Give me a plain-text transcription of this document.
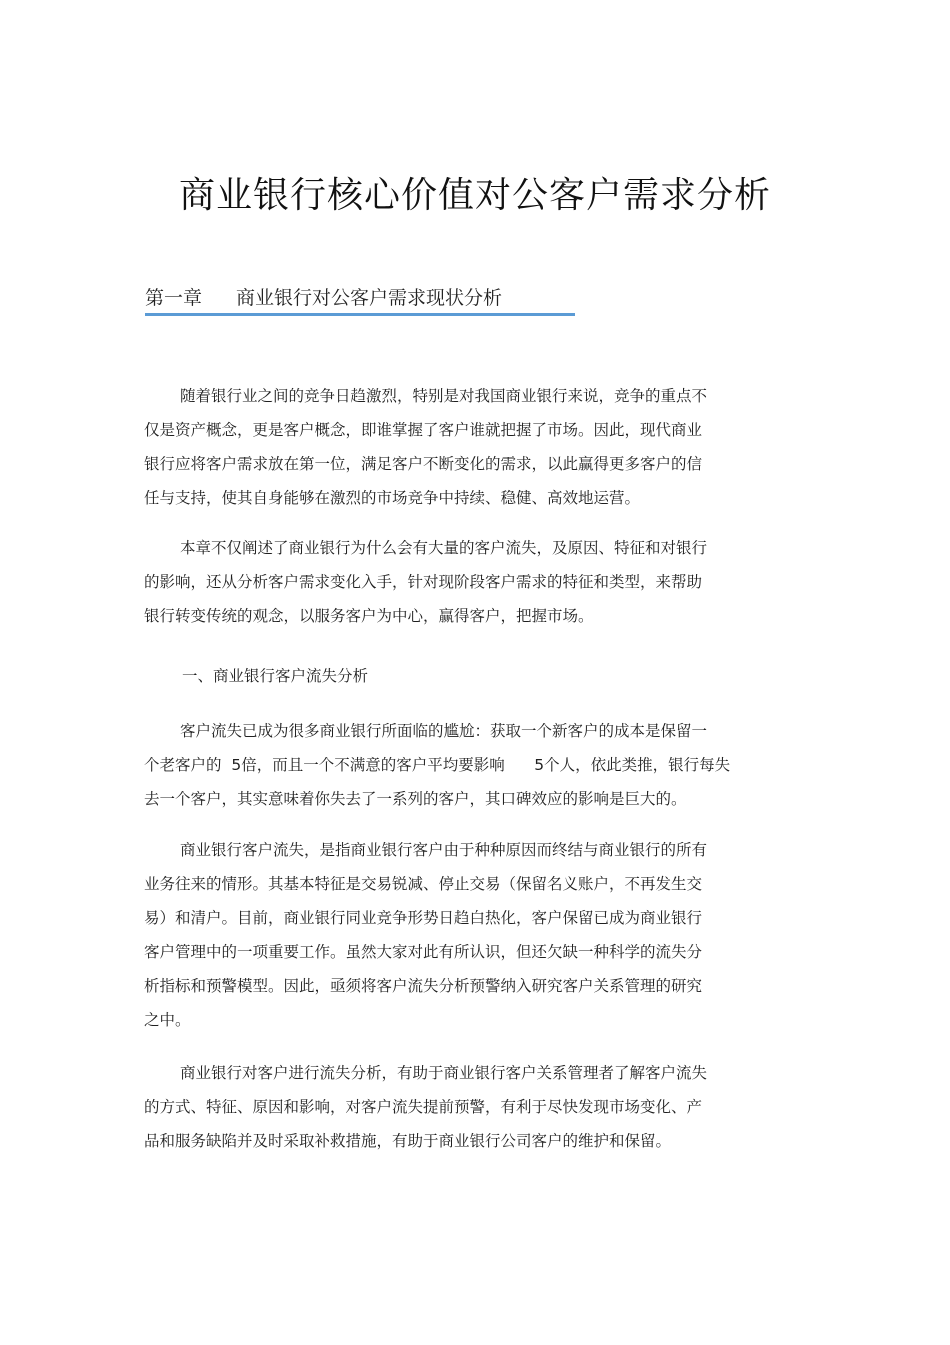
商业银行核心价值对公客户需求分析
第一章 商业银行对公客户需求现状分析
随着银行业之间的竞争日趋激烈，特别是对我国商业银行来说，竞争的重点不
仅是资产概念，更是客户概念，即谁掌握了客户谁就把握了市场。因此，现代商业
银行应将客户需求放在第一位，满足客户不断变化的需求，以此赢得更多客户的信
任与支持，使其自身能够在激烈的市场竞争中持续、稳健、高效地运营。
本章不仅阐述了商业银行为什么会有大量的客户流失，及原因、特征和对银行
的影响，还从分析客户需求变化入手，针对现阶段客户需求的特征和类型，来帮助
银行转变传统的观念，以服务客户为中心，赢得客户，把握市场。
一、商业银行客户流失分析
客户流失已成为很多商业银行所面临的尴尬：获取一个新客户的成本是保留一
个老客户的  5倍，而且一个不满意的客户平均要影响      5个人，依此类推，银行每失
去一个客户，其实意味着你失去了一系列的客户，其口碑效应的影响是巨大的。
商业银行客户流失，是指商业银行客户由于种种原因而终结与商业银行的所有
业务往来的情形。其基本特征是交易锐减、停止交易（保留名义账户，不再发生交
易）和清户。目前，商业银行同业竞争形势日趋白热化，客户保留已成为商业银行
客户管理中的一项重要工作。虽然大家对此有所认识，但还欠缺一种科学的流失分
析指标和预警模型。因此，亟须将客户流失分析预警纳入研究客户关系管理的研究
之中。
商业银行对客户进行流失分析，有助于商业银行客户关系管理者了解客户流失
的方式、特征、原因和影响，对客户流失提前预警，有利于尽快发现市场变化、产
品和服务缺陷并及时采取补救措施，有助于商业银行公司客户的维护和保留。
